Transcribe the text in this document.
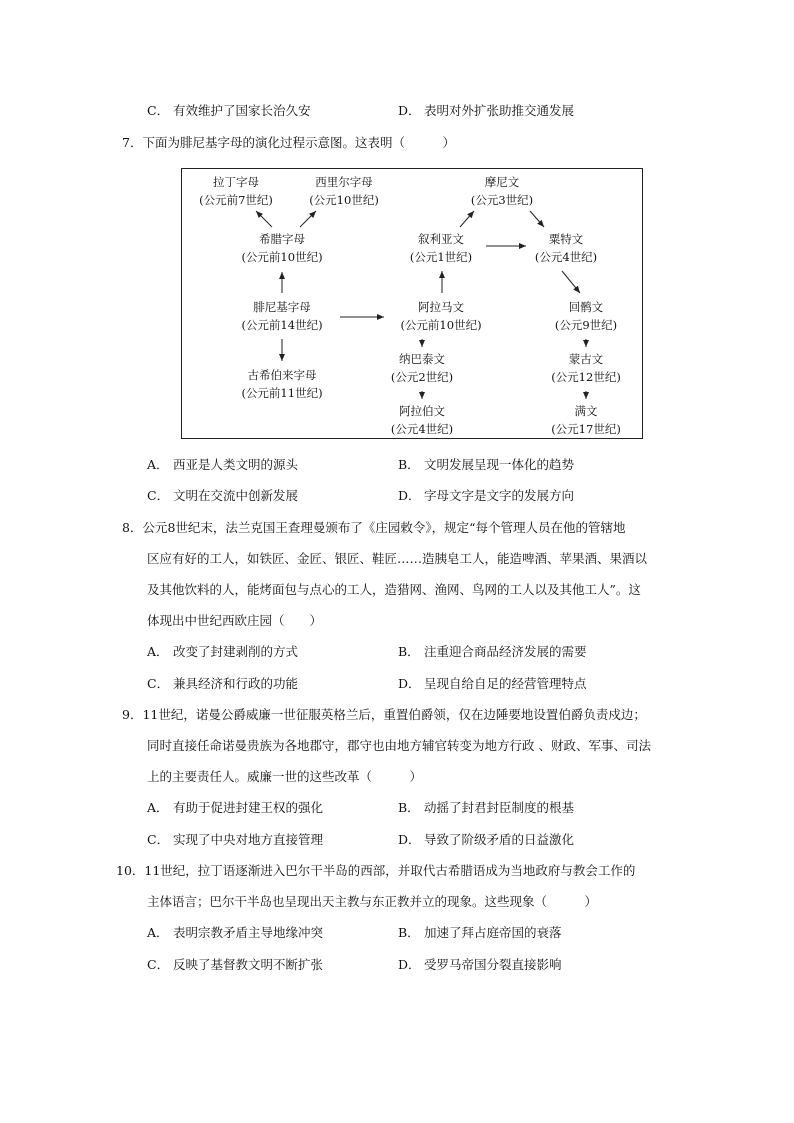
C． 有效维护了国家长治久安	D． 表明对外扩张助推交通发展
7．下面为腓尼基字母的演化过程示意图。这表明（　　　）
拉丁字母
(公元前7世纪)
西里尔字母
(公元10世纪)
希腊字母
(公元前10世纪)
腓尼基字母
(公元前14世纪)
古希伯来字母
(公元前11世纪)
摩尼文
(公元3世纪)
叙利亚文
(公元1世纪)
粟特文
(公元4世纪)
阿拉马文
(公元前10世纪)
回鹘文
(公元9世纪)
纳巴泰文
(公元2世纪)
蒙古文
(公元12世纪)
阿拉伯文
(公元4世纪)
满文
(公元17世纪)
A． 西亚是人类文明的源头	B． 文明发展呈现一体化的趋势
C． 文明在交流中创新发展	D． 字母文字是文字的发展方向
8．公元8世纪末，法兰克国王查理曼颁布了《庄园敕令》，规定“每个管理人员在他的管辖地
区应有好的工人，如铁匠、金匠、银匠、鞋匠……造胰皂工人，能造啤酒、苹果酒、果酒以
及其他饮料的人，能烤面包与点心的工人，造猎网、渔网、鸟网的工人以及其他工人”。这
体现出中世纪西欧庄园（　　）
A． 改变了封建剥削的方式	B． 注重迎合商品经济发展的需要
C． 兼具经济和行政的功能	D． 呈现自给自足的经营管理特点
9．11世纪，诺曼公爵威廉一世征服英格兰后，重置伯爵领，仅在边陲要地设置伯爵负责戍边；
同时直接任命诺曼贵族为各地郡守，郡守也由地方辅官转变为地方行政 、财政、军事、司法
上的主要责任人。威廉一世的这些改革（　　　）
A． 有助于促进封建王权的强化	B． 动摇了封君封臣制度的根基
C． 实现了中央对地方直接管理	D． 导致了阶级矛盾的日益激化
10．11世纪，拉丁语逐渐进入巴尔干半岛的西部，并取代古希腊语成为当地政府与教会工作的
主体语言；巴尔干半岛也呈现出天主教与东正教并立的现象。这些现象（　　　）
A． 表明宗教矛盾主导地缘冲突	B． 加速了拜占庭帝国的衰落
C． 反映了基督教文明不断扩张	D． 受罗马帝国分裂直接影响
